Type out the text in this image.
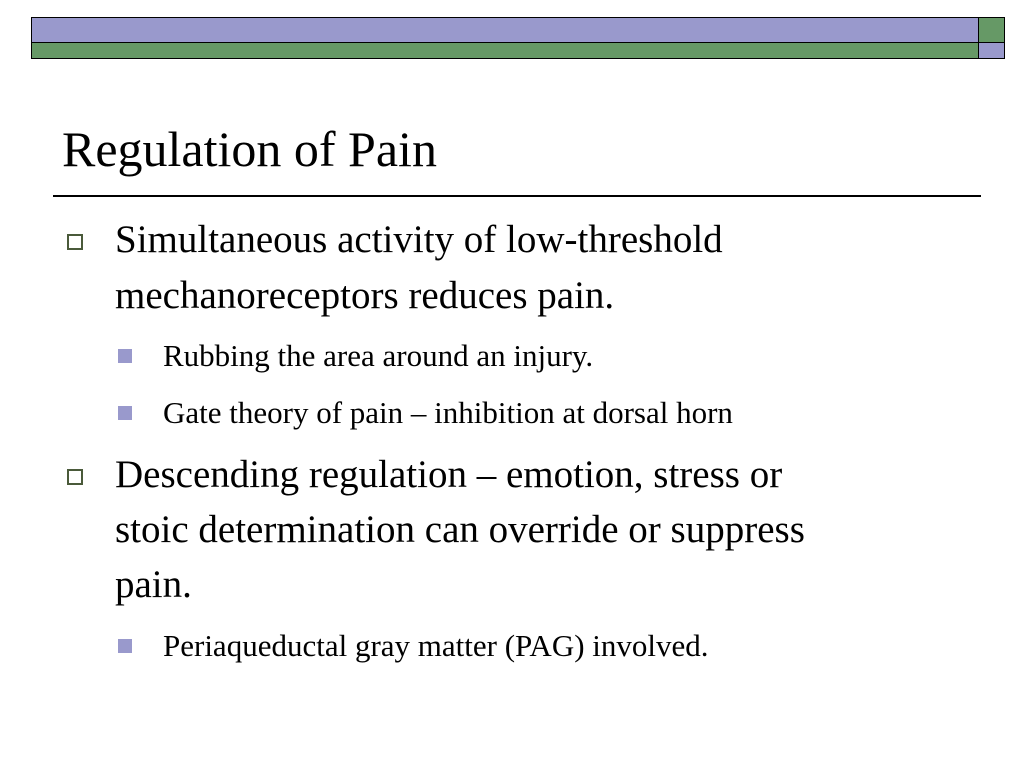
Regulation of Pain
Simultaneous activity of low-threshold
mechanoreceptors reduces pain.
Rubbing the area around an injury.
Gate theory of pain – inhibition at dorsal horn
Descending regulation – emotion, stress or
stoic determination can override or suppress
pain.
Periaqueductal gray matter (PAG) involved.
